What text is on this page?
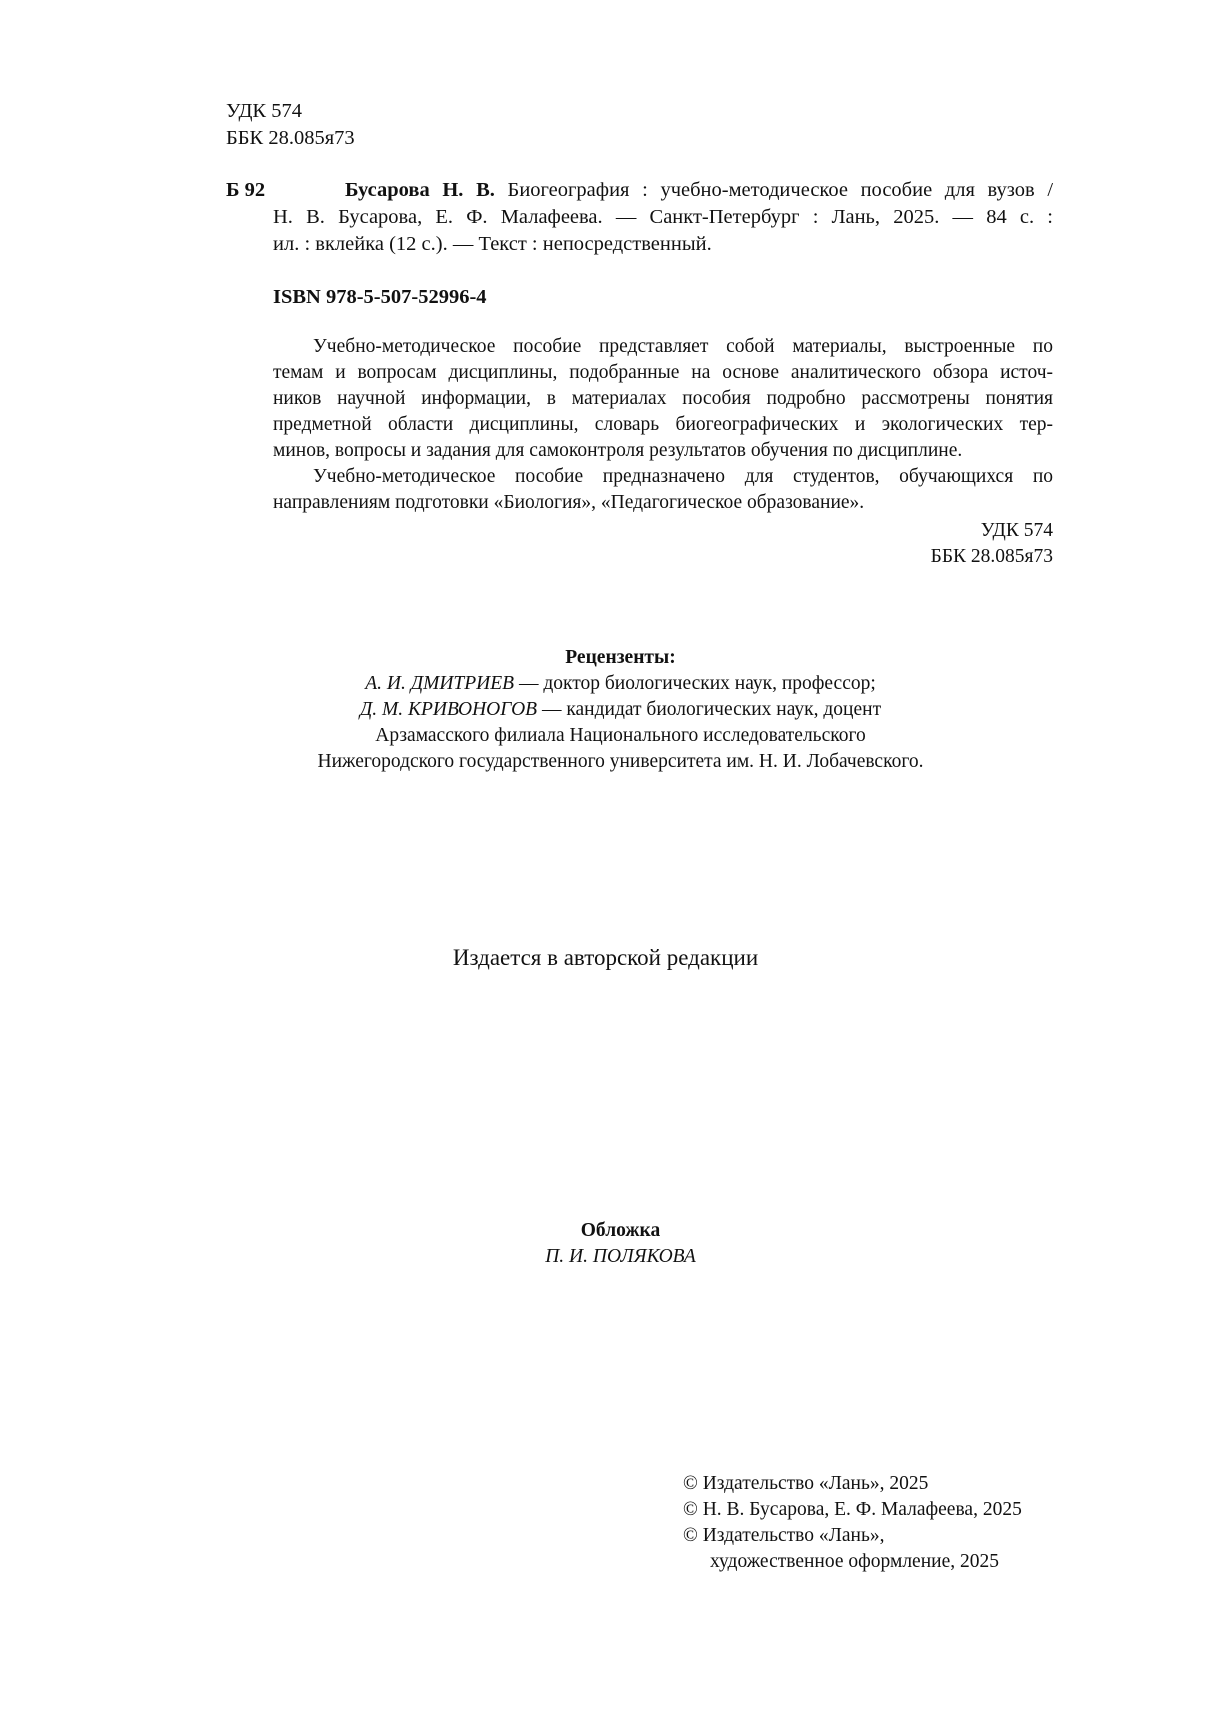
УДК 574
ББК 28.085я73
Б 92	Бусарова Н. В. Биогеография : учебно-методическое пособие для вузов /
Н. В. Бусарова, Е. Ф. Малафеева. — Санкт-Петербург : Лань, 2025. — 84 с. :
ил. : вклейка (12 с.). — Текст : непосредственный.
ISBN 978-5-507-52996-4
Учебно-методическое пособие представляет собой материалы, выстроенные по
темам и вопросам дисциплины, подобранные на основе аналитического обзора источ-
ников научной информации, в материалах пособия подробно рассмотрены понятия
предметной области дисциплины, словарь биогеографических и экологических тер-
минов, вопросы и задания для самоконтроля результатов обучения по дисциплине.
Учебно-методическое пособие предназначено для студентов, обучающихся по
направлениям подготовки «Биология», «Педагогическое образование».
УДК 574
ББК 28.085я73
Рецензенты:
А. И. ДМИТРИЕВ — доктор биологических наук, профессор;
Д. М. КРИВОНОГОВ — кандидат биологических наук, доцент
Арзамасского филиала Национального исследовательского
Нижегородского государственного университета им. Н. И. Лобачевского.
Издается в авторской редакции
Обложка
П. И. ПОЛЯКОВА
© Издательство «Лань», 2025
© Н. В. Бусарова, Е. Ф. Малафеева, 2025
© Издательство «Лань»,
художественное оформление, 2025
